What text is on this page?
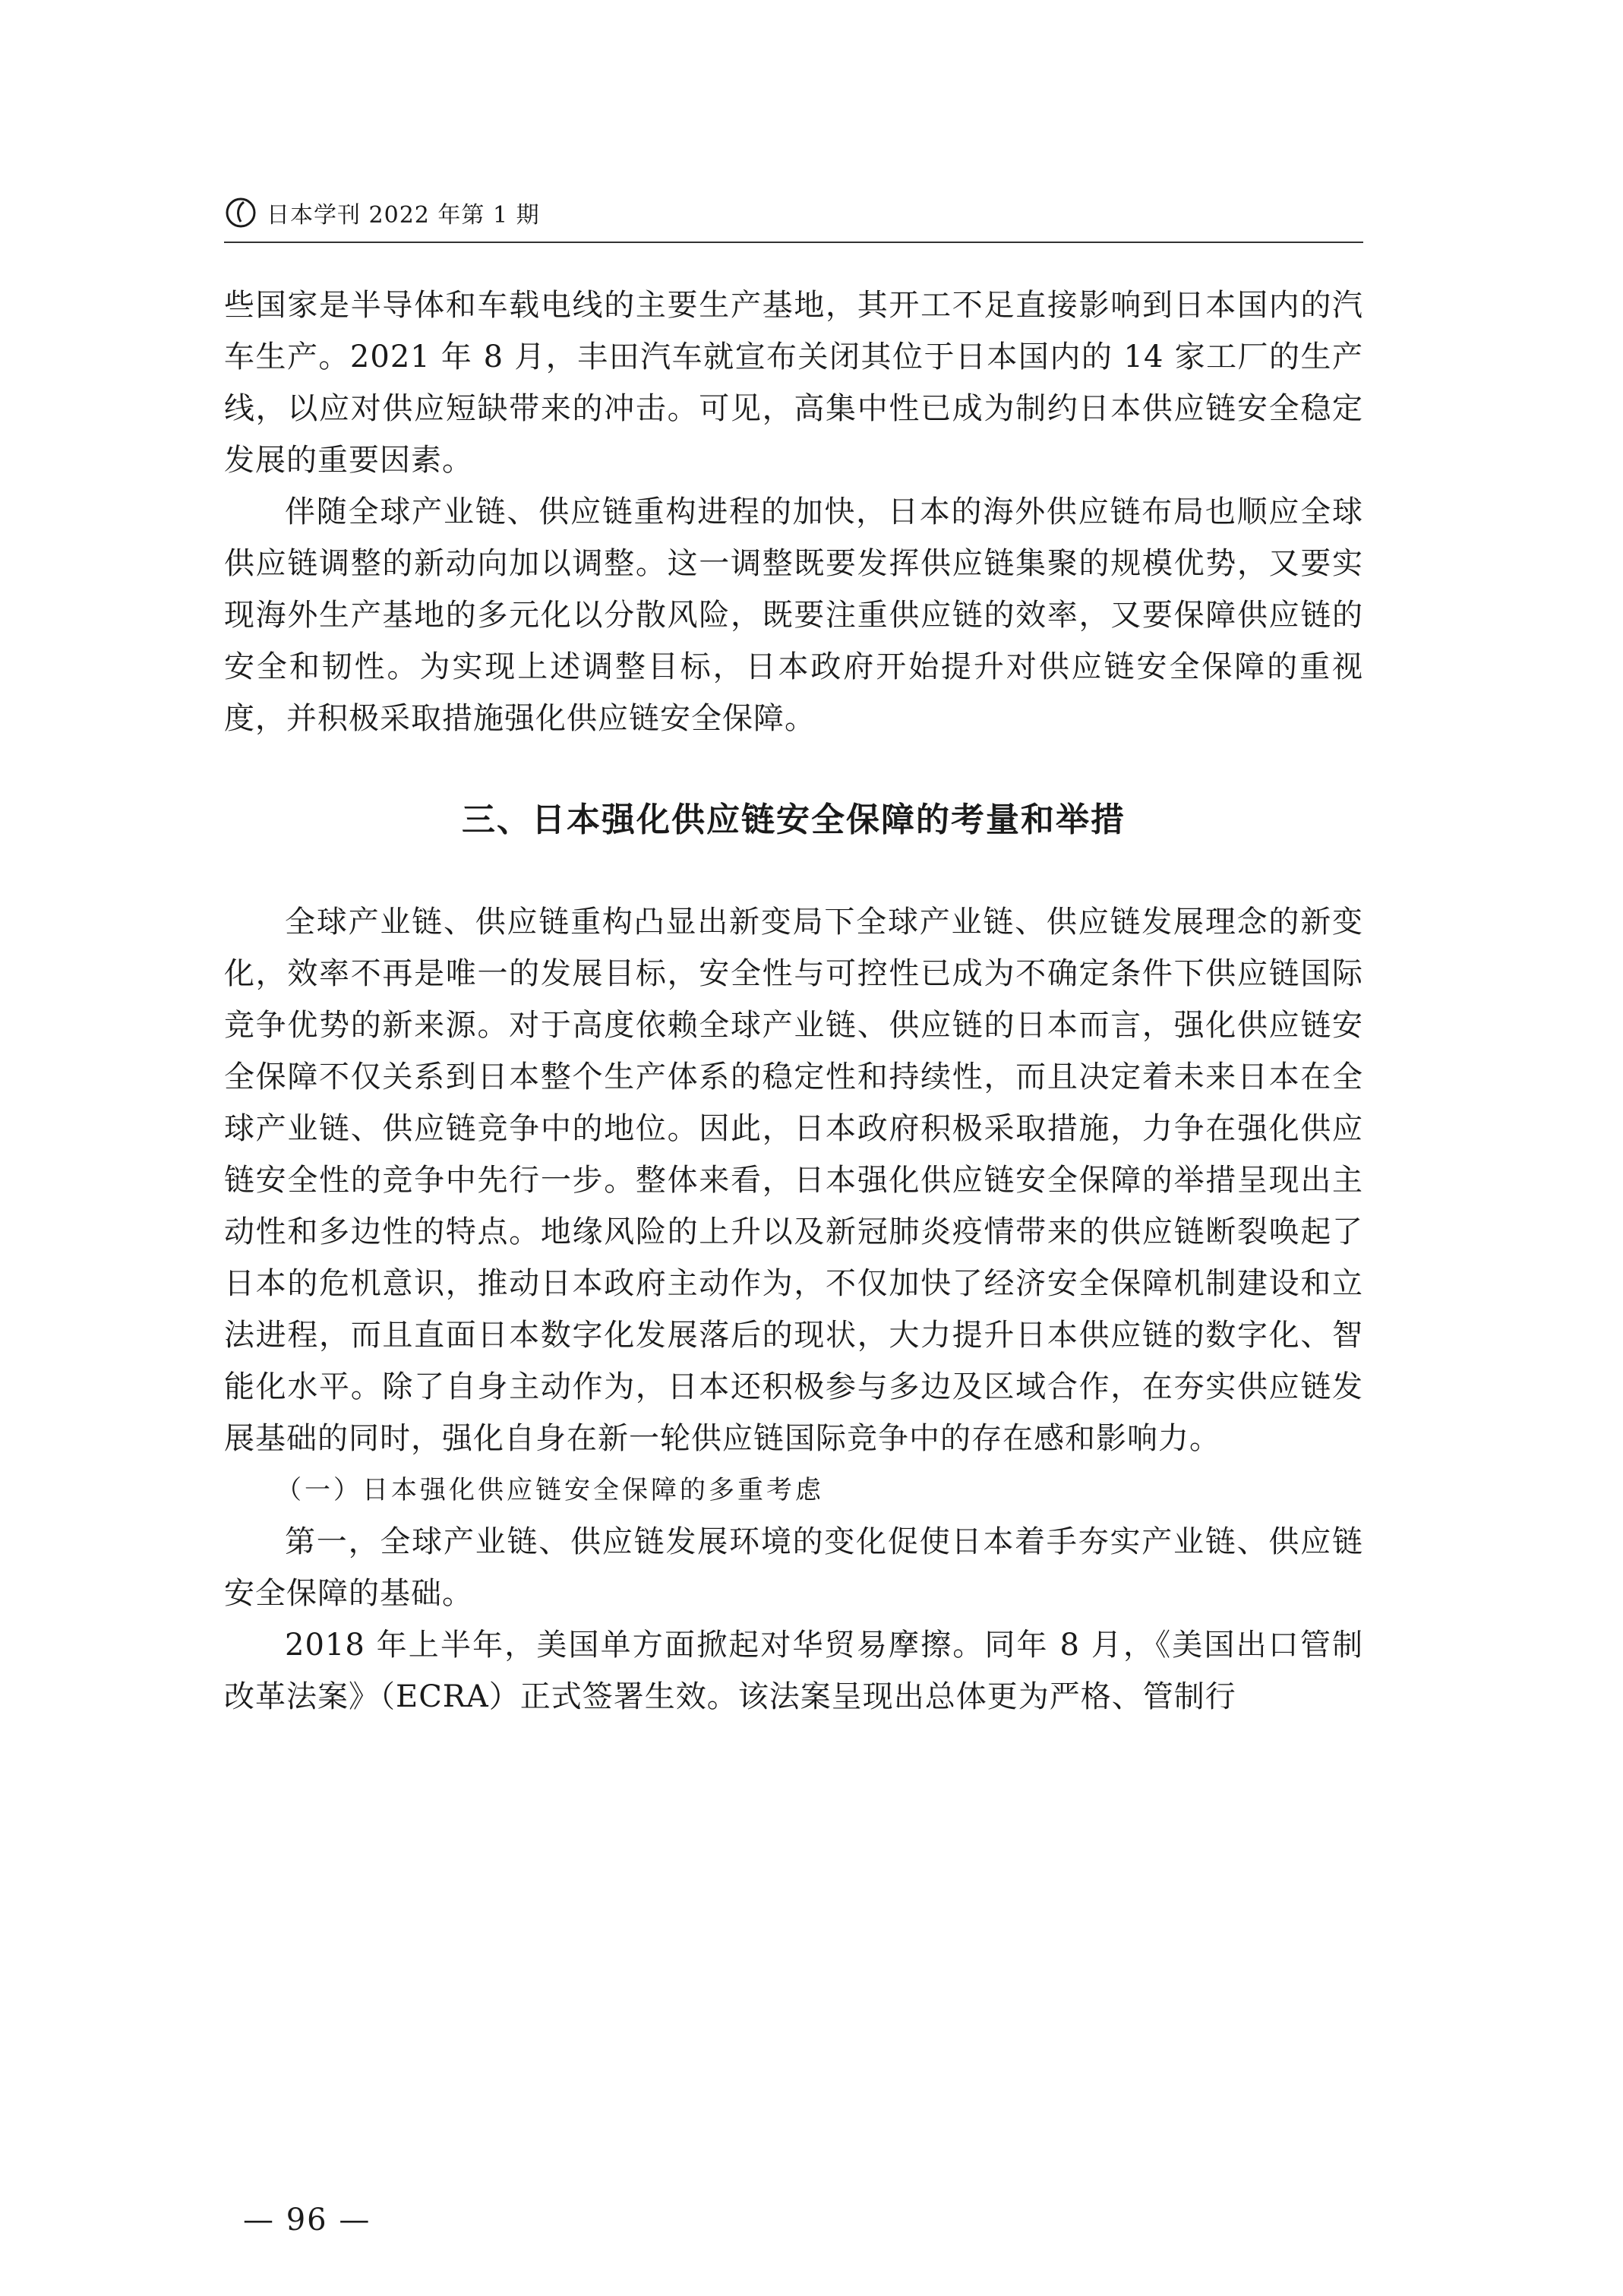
日本学刊 2022 年第 1 期

些国家是半导体和车载电线的主要生产基地，其开工不足直接影响到日本国内的汽车生产。2021 年 8 月，丰田汽车就宣布关闭其位于日本国内的 14 家工厂的生产线，以应对供应短缺带来的冲击。可见，高集中性已成为制约日本供应链安全稳定发展的重要因素。

伴随全球产业链、供应链重构进程的加快，日本的海外供应链布局也顺应全球供应链调整的新动向加以调整。这一调整既要发挥供应链集聚的规模优势，又要实现海外生产基地的多元化以分散风险，既要注重供应链的效率，又要保障供应链的安全和韧性。为实现上述调整目标，日本政府开始提升对供应链安全保障的重视度，并积极采取措施强化供应链安全保障。

三、日本强化供应链安全保障的考量和举措

全球产业链、供应链重构凸显出新变局下全球产业链、供应链发展理念的新变化，效率不再是唯一的发展目标，安全性与可控性已成为不确定条件下供应链国际竞争优势的新来源。对于高度依赖全球产业链、供应链的日本而言，强化供应链安全保障不仅关系到日本整个生产体系的稳定性和持续性，而且决定着未来日本在全球产业链、供应链竞争中的地位。因此，日本政府积极采取措施，力争在强化供应链安全性的竞争中先行一步。整体来看，日本强化供应链安全保障的举措呈现出主动性和多边性的特点。地缘风险的上升以及新冠肺炎疫情带来的供应链断裂唤起了日本的危机意识，推动日本政府主动作为，不仅加快了经济安全保障机制建设和立法进程，而且直面日本数字化发展落后的现状，大力提升日本供应链的数字化、智能化水平。除了自身主动作为，日本还积极参与多边及区域合作，在夯实供应链发展基础的同时，强化自身在新一轮供应链国际竞争中的存在感和影响力。

（一）日本强化供应链安全保障的多重考虑

第一，全球产业链、供应链发展环境的变化促使日本着手夯实产业链、供应链安全保障的基础。

2018 年上半年，美国单方面掀起对华贸易摩擦。同年 8 月，《美国出口管制改革法案》（ECRA）正式签署生效。该法案呈现出总体更为严格、管制行

— 96 —
